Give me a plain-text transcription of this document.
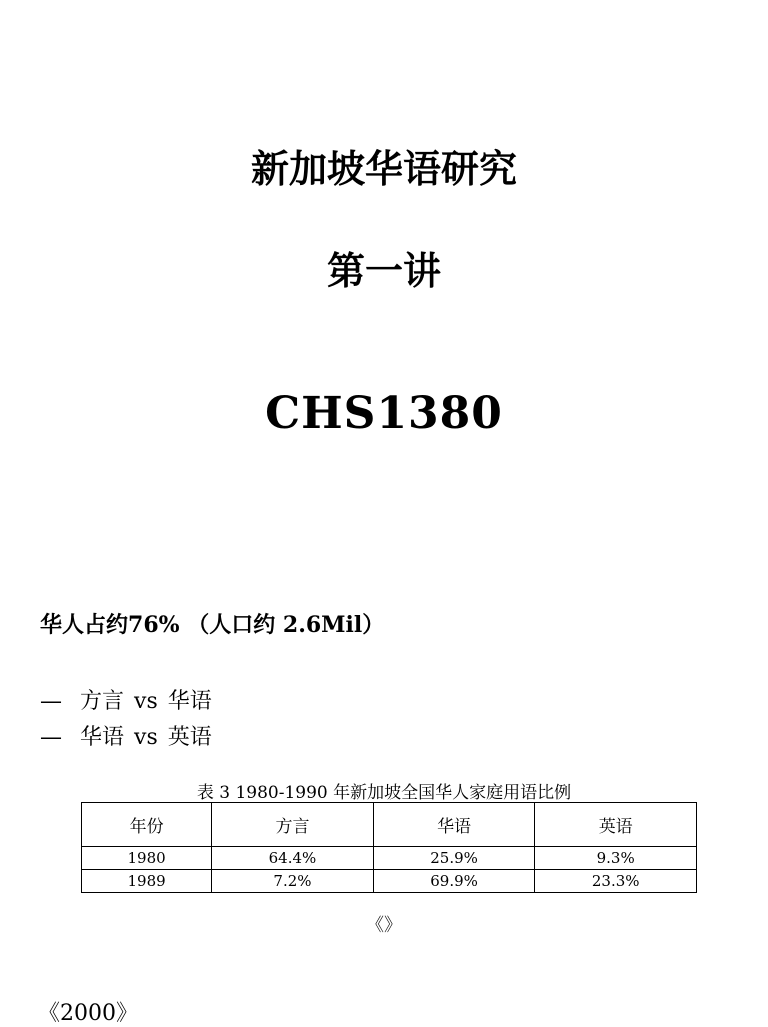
新加坡华语研究
第一讲
CHS1380
华人占约76% （人口约 2.6Mil）
— 方言 vs 华语
— 华语 vs 英语
表 3 1980-1990 年新加坡全国华人家庭用语比例
年份	方言	华语	英语
1980	64.4%	25.9%	9.3%
1989	7.2%	69.9%	23.3%
《》
《2000》
